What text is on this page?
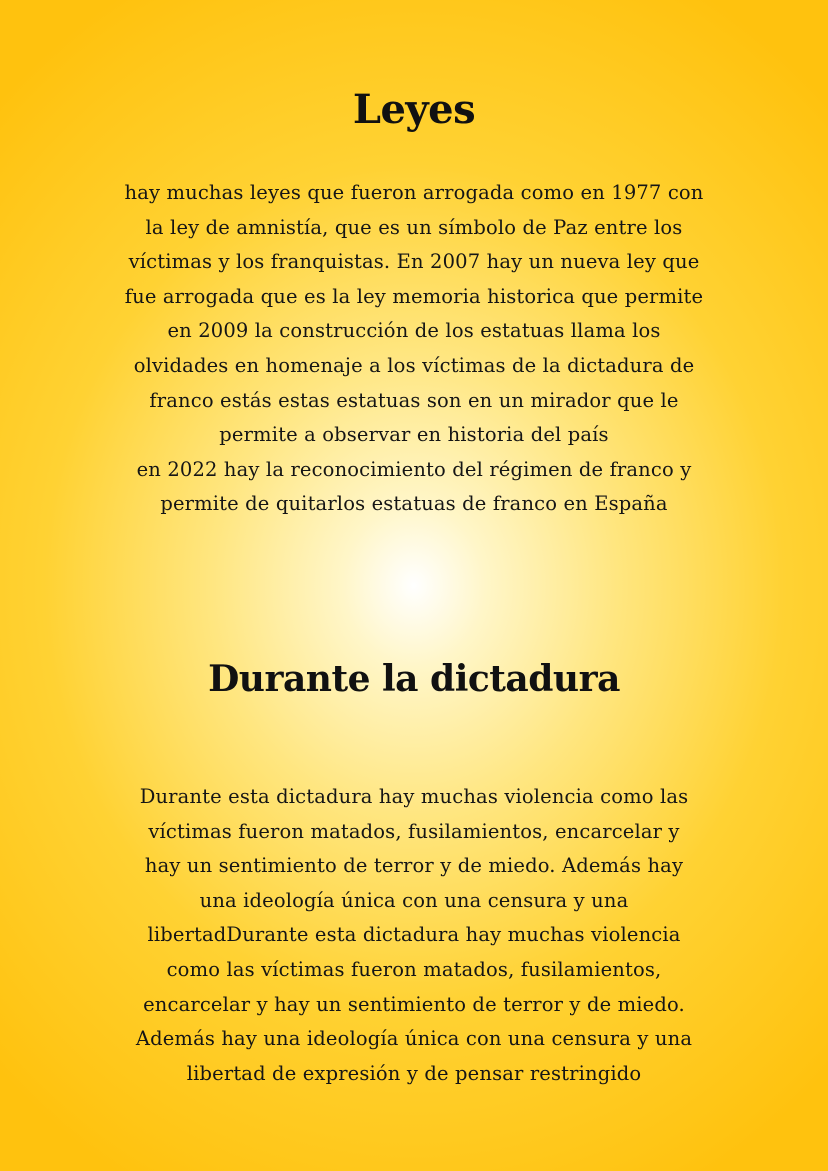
Leyes
hay muchas leyes que fueron arrogada como en 1977 con
la ley de amnistía, que es un símbolo de Paz entre los
víctimas y los franquistas. En 2007 hay un nueva ley que
fue arrogada que es la ley memoria historica que permite
en 2009 la construcción de los estatuas llama los
olvidades en homenaje a los víctimas de la dictadura de
franco estás estas estatuas son en un mirador que le
permite a observar en historia del país
en 2022 hay la reconocimiento del régimen de franco y
permite de quitarlos estatuas de franco en España
Durante la dictadura
Durante esta dictadura hay muchas violencia como las
víctimas fueron matados, fusilamientos, encarcelar y
hay un sentimiento de terror y de miedo. Además hay
una ideología única con una censura y una
libertadDurante esta dictadura hay muchas violencia
como las víctimas fueron matados, fusilamientos,
encarcelar y hay un sentimiento de terror y de miedo.
Además hay una ideología única con una censura y una
libertad de expresión y de pensar restringido
